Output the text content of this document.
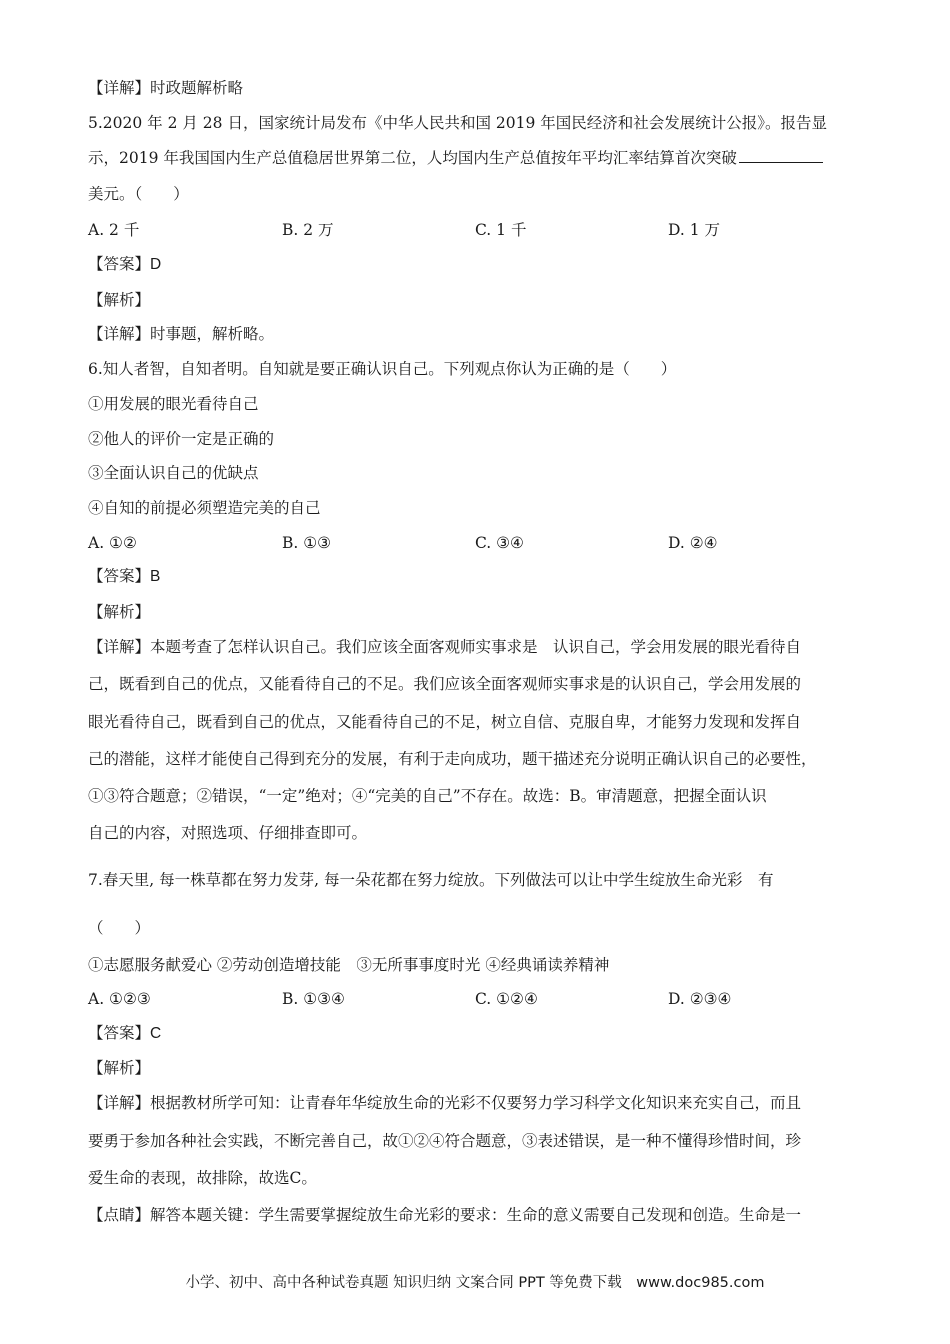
【详解】时政题解析略
5.2020 年 2 月 28 日，国家统计局发布《中华人民共和国 2019 年国民经济和社会发展统计公报》。报告显
示，2019 年我国国内生产总值稳居世界第二位，人均国内生产总值按年平均汇率结算首次突破
美元。（　　）
A. 2 千	B. 2 万	C. 1 千	D. 1 万
【答案】D
【解析】
【详解】时事题，解析略。
6.知人者智，自知者明。自知就是要正确认识自己。下列观点你认为正确的是（　　）
①用发展的眼光看待自己
②他人的评价一定是正确的
③全面认识自己的优缺点
④自知的前提必须塑造完美的自己
A. ①②	B. ①③	C. ③④	D. ②④
【答案】B
【解析】
【详解】本题考查了怎样认识自己。我们应该全面客观师实事求是　认识自己，学会用发展的眼光看待自
己，既看到自己的优点，又能看待自己的不足。我们应该全面客观师实事求是的认识自己，学会用发展的
眼光看待自己，既看到自己的优点，又能看待自己的不足，树立自信、克服自卑，才能努力发现和发挥自
己的潜能，这样才能使自己得到充分的发展，有利于走向成功，题干描述充分说明正确认识自己的必要性，
①③符合题意；②错误，“一定”绝对；④“完美的自己”不存在。故选：B。审清题意，把握全面认识
自己的内容，对照选项、仔细排查即可。
7.春天里, 每一株草都在努力发芽, 每一朵花都在努力绽放。下列做法可以让中学生绽放生命光彩　有
（　　）
①志愿服务献爱心 ②劳动创造增技能　③无所事事度时光 ④经典诵读养精神
A. ①②③	B. ①③④	C. ①②④	D. ②③④
【答案】C
【解析】
【详解】根据教材所学可知：让青春年华绽放生命的光彩不仅要努力学习科学文化知识来充实自己，而且
要勇于参加各种社会实践，不断完善自己，故①②④符合题意，③表述错误，是一种不懂得珍惜时间，珍
爱生命的表现，故排除，故选C。
【点睛】解答本题关键：学生需要掌握绽放生命光彩的要求：生命的意义需要自己发现和创造。生命是一
小学、初中、高中各种试卷真题 知识归纳 文案合同 PPT 等免费下载　www.doc985.com
